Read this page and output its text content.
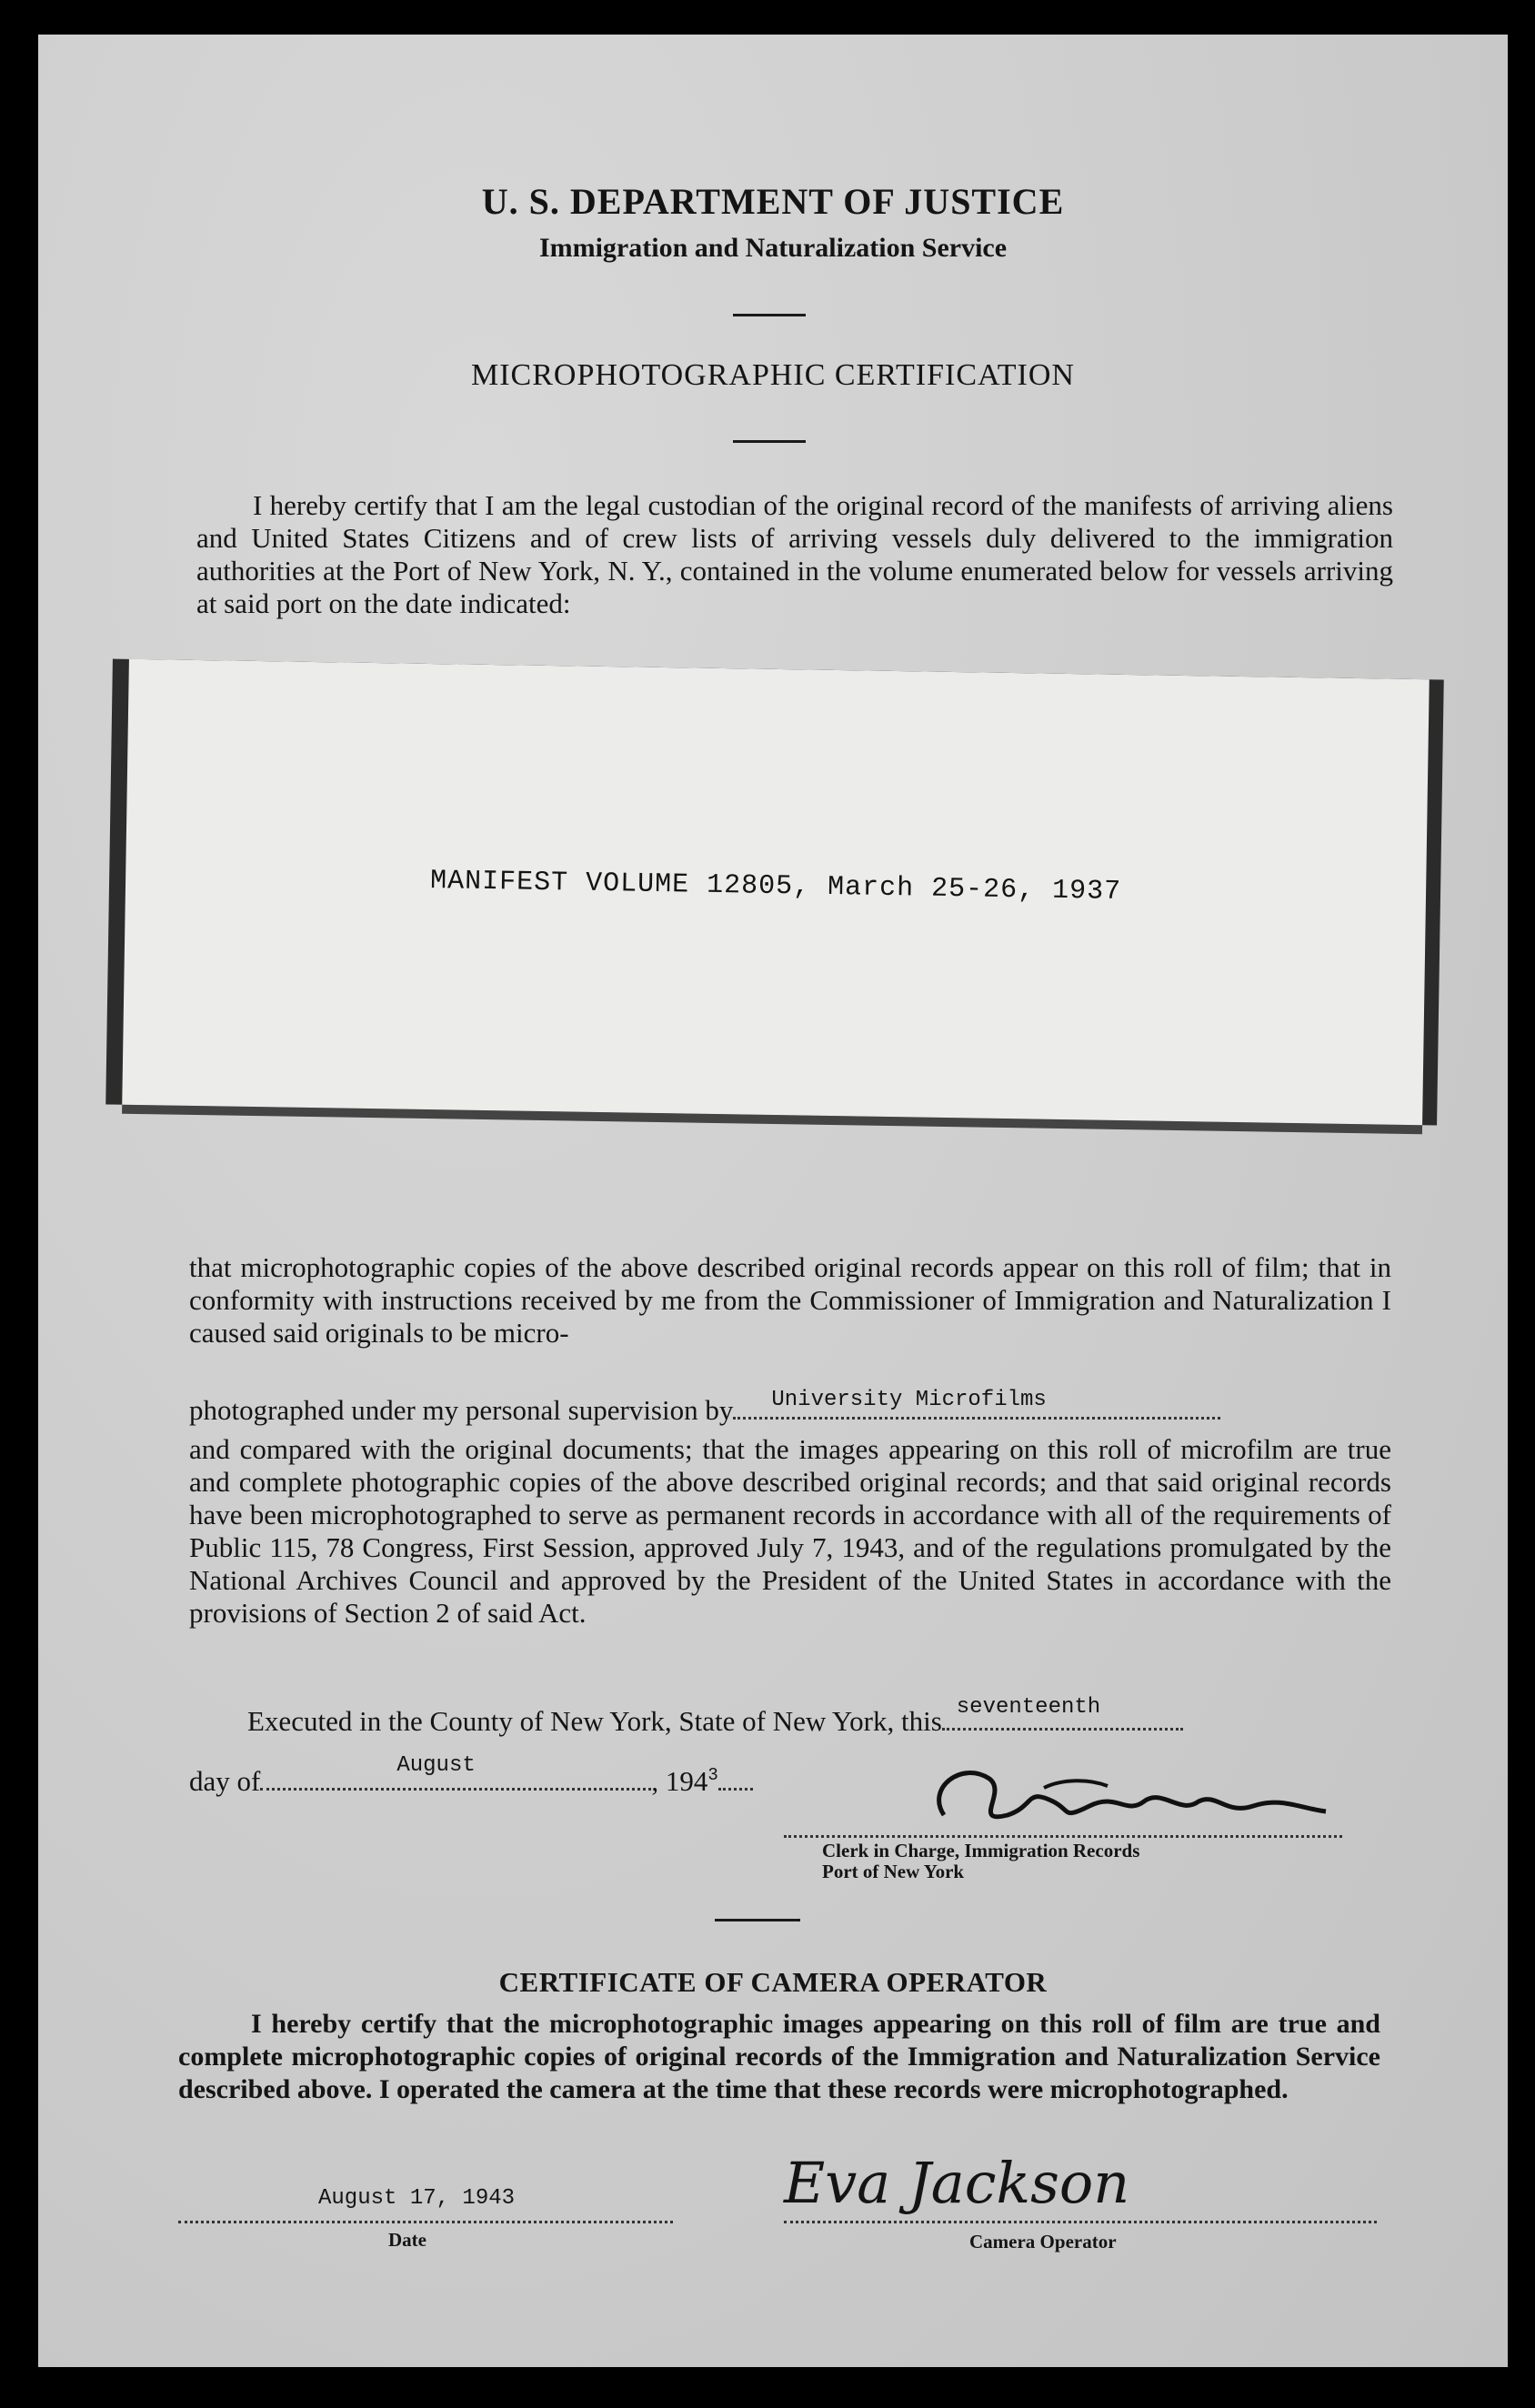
U. S. DEPARTMENT OF JUSTICE
Immigration and Naturalization Service
MICROPHOTOGRAPHIC CERTIFICATION
I hereby certify that I am the legal custodian of the original record of the manifests of arriving aliens and United States Citizens and of crew lists of arriving vessels duly delivered to the immigration authorities at the Port of New York, N. Y., contained in the volume enumerated below for vessels arriving at said port on the date indicated:
MANIFEST VOLUME 12805, March 25-26, 1937
that microphotographic copies of the above described original records appear on this roll of film; that in conformity with instructions received by me from the Commissioner of Immigration and Naturalization I caused said originals to be micro-
photographed under my personal supervision by University Microfilms
and compared with the original documents; that the images appearing on this roll of microfilm are true and complete photographic copies of the above described original records; and that said original records have been microphotographed to serve as permanent records in accordance with all of the requirements of Public 115, 78 Congress, First Session, approved July 7, 1943, and of the regulations promulgated by the National Archives Council and approved by the President of the United States in accordance with the provisions of Section 2 of said Act.
Executed in the County of New York, State of New York, this seventeenth
day of	August	, $194^3$
Clerk in Charge, Immigration Records
Port of New York
CERTIFICATE OF CAMERA OPERATOR
I hereby certify that the microphotographic images appearing on this roll of film are true and complete microphotographic copies of original records of the Immigration and Naturalization Service described above. I operated the camera at the time that these records were microphotographed.
August 17, 1943
Date
Eva Jackson
Camera Operator
